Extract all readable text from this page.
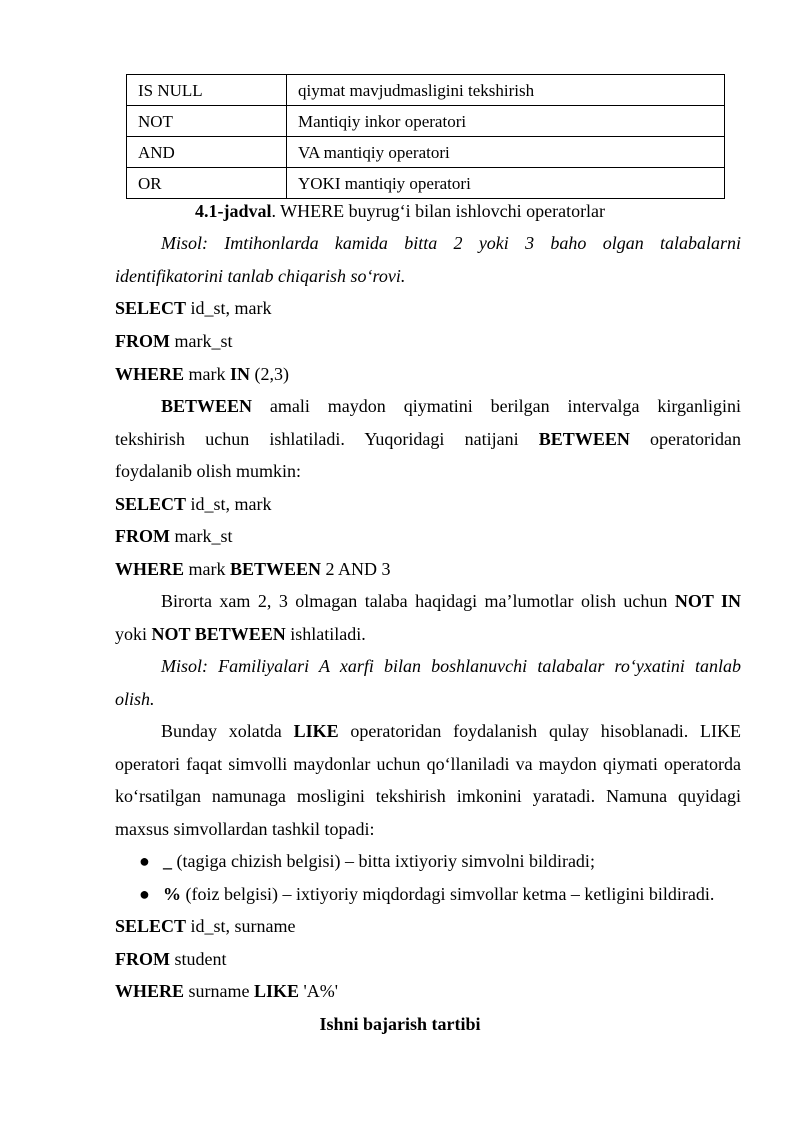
IS NULL	qiymat mavjudmasligini tekshirish
NOT	Mantiqiy inkor operatori
AND	VA mantiqiy operatori
OR	YOKI mantiqiy operatori
4.1-jadval. WHERE buyrug‘i bilan ishlovchi operatorlar
Misol: Imtihonlarda kamida bitta 2 yoki 3 baho olgan talabalarni
identifikatorini tanlab chiqarish so‘rovi.
SELECT id_st, mark
FROM mark_st
WHERE mark IN (2,3)
BETWEEN amali maydon qiymatini berilgan intervalga kirganligini
tekshirish uchun ishlatiladi. Yuqoridagi natijani BETWEEN operatoridan
foydalanib olish mumkin:
SELECT id_st, mark
FROM mark_st
WHERE mark BETWEEN 2 AND 3
Birorta xam 2, 3 olmagan talaba haqidagi ma’lumotlar olish uchun NOT IN
yoki NOT BETWEEN ishlatiladi.
Misol: Familiyalari A xarfi bilan boshlanuvchi talabalar ro‘yxatini tanlab
olish.
Bunday xolatda LIKE operatoridan foydalanish qulay hisoblanadi. LIKE
operatori faqat simvolli maydonlar uchun qo‘llaniladi va maydon qiymati operatorda
ko‘rsatilgan namunaga mosligini tekshirish imkonini yaratadi. Namuna quyidagi
maxsus simvollardan tashkil topadi:
● _ (tagiga chizish belgisi) – bitta ixtiyoriy simvolni bildiradi;
● % (foiz belgisi) – ixtiyoriy miqdordagi simvollar ketma – ketligini bildiradi.
SELECT id_st, surname
FROM student
WHERE surname LIKE 'A%'
Ishni bajarish tartibi
